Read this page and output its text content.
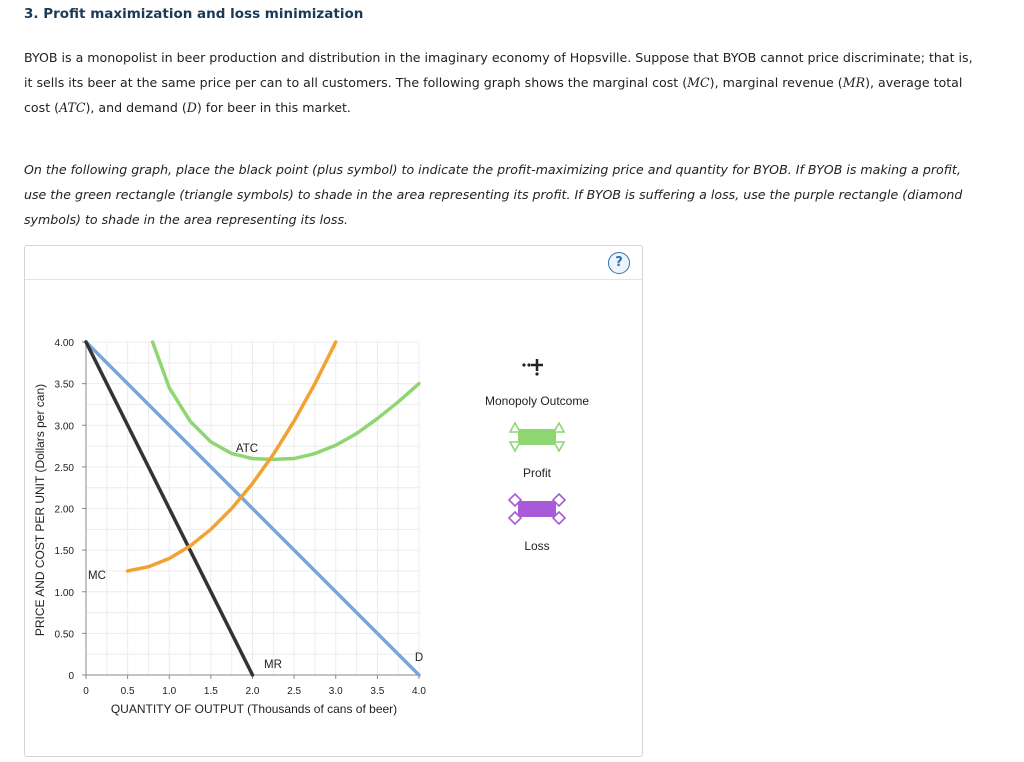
3. Profit maximization and loss minimization
BYOB is a monopolist in beer production and distribution in the imaginary economy of Hopsville. Suppose that BYOB cannot price discriminate; that is, it sells its beer at the same price per can to all customers. The following graph shows the marginal cost (MC), marginal revenue (MR), average total cost (ATC), and demand (D) for beer in this market.
On the following graph, place the black point (plus symbol) to indicate the profit-maximizing price and quantity for BYOB. If BYOB is making a profit, use the green rectangle (triangle symbols) to shade in the area representing its profit. If BYOB is suffering a loss, use the purple rectangle (diamond symbols) to shade in the area representing its loss.
?
0	0.5	1.0	1.5	2.0	2.5	3.0	3.5	4.0
0
0.50
1.00
1.50
2.00
2.50
3.00
3.50
4.00
QUANTITY OF OUTPUT (Thousands of cans of beer)
PRICE AND COST PER UNIT (Dollars per can)
D
MR
ATC
MC
Monopoly Outcome
Profit
Loss
